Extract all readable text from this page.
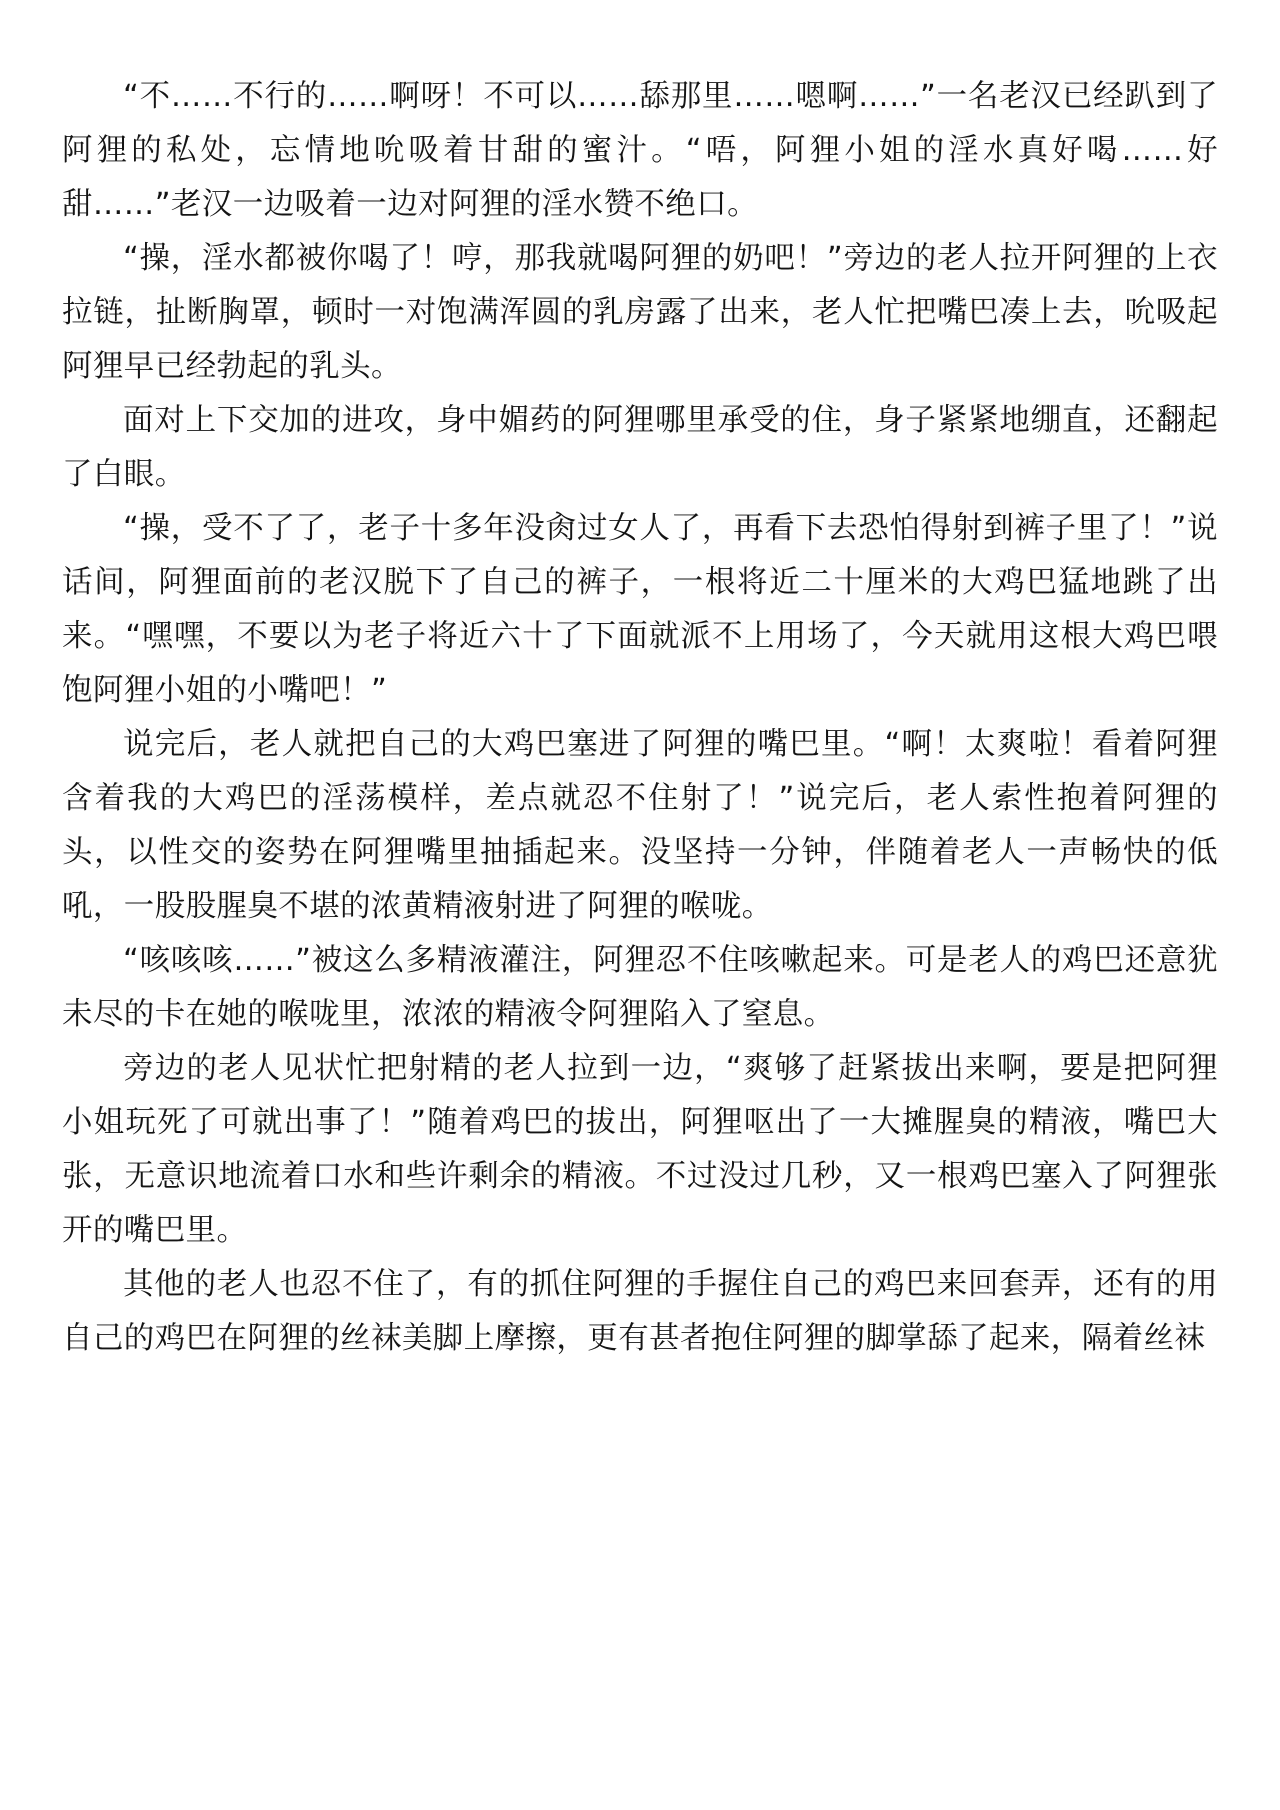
“不……不行的……啊呀！不可以……舔那里……嗯啊……”一名老汉已经趴到了阿狸的私处，忘情地吮吸着甘甜的蜜汁。“唔，阿狸小姐的淫水真好喝……好甜……”老汉一边吸着一边对阿狸的淫水赞不绝口。

“操，淫水都被你喝了！哼，那我就喝阿狸的奶吧！”旁边的老人拉开阿狸的上衣拉链，扯断胸罩，顿时一对饱满浑圆的乳房露了出来，老人忙把嘴巴凑上去，吮吸起阿狸早已经勃起的乳头。

面对上下交加的进攻，身中媚药的阿狸哪里承受的住，身子紧紧地绷直，还翻起了白眼。

“操，受不了了，老子十多年没肏过女人了，再看下去恐怕得射到裤子里了！”说话间，阿狸面前的老汉脱下了自己的裤子，一根将近二十厘米的大鸡巴猛地跳了出来。“嘿嘿，不要以为老子将近六十了下面就派不上用场了，今天就用这根大鸡巴喂饱阿狸小姐的小嘴吧！”

说完后，老人就把自己的大鸡巴塞进了阿狸的嘴巴里。“啊！太爽啦！看着阿狸含着我的大鸡巴的淫荡模样，差点就忍不住射了！”说完后，老人索性抱着阿狸的头，以性交的姿势在阿狸嘴里抽插起来。没坚持一分钟，伴随着老人一声畅快的低吼，一股股腥臭不堪的浓黄精液射进了阿狸的喉咙。

“咳咳咳……”被这么多精液灌注，阿狸忍不住咳嗽起来。可是老人的鸡巴还意犹未尽的卡在她的喉咙里，浓浓的精液令阿狸陷入了窒息。

旁边的老人见状忙把射精的老人拉到一边，“爽够了赶紧拔出来啊，要是把阿狸小姐玩死了可就出事了！”随着鸡巴的拔出，阿狸呕出了一大摊腥臭的精液，嘴巴大张，无意识地流着口水和些许剩余的精液。不过没过几秒，又一根鸡巴塞入了阿狸张开的嘴巴里。

其他的老人也忍不住了，有的抓住阿狸的手握住自己的鸡巴来回套弄，还有的用自己的鸡巴在阿狸的丝袜美脚上摩擦，更有甚者抱住阿狸的脚掌舔了起来，隔着丝袜
